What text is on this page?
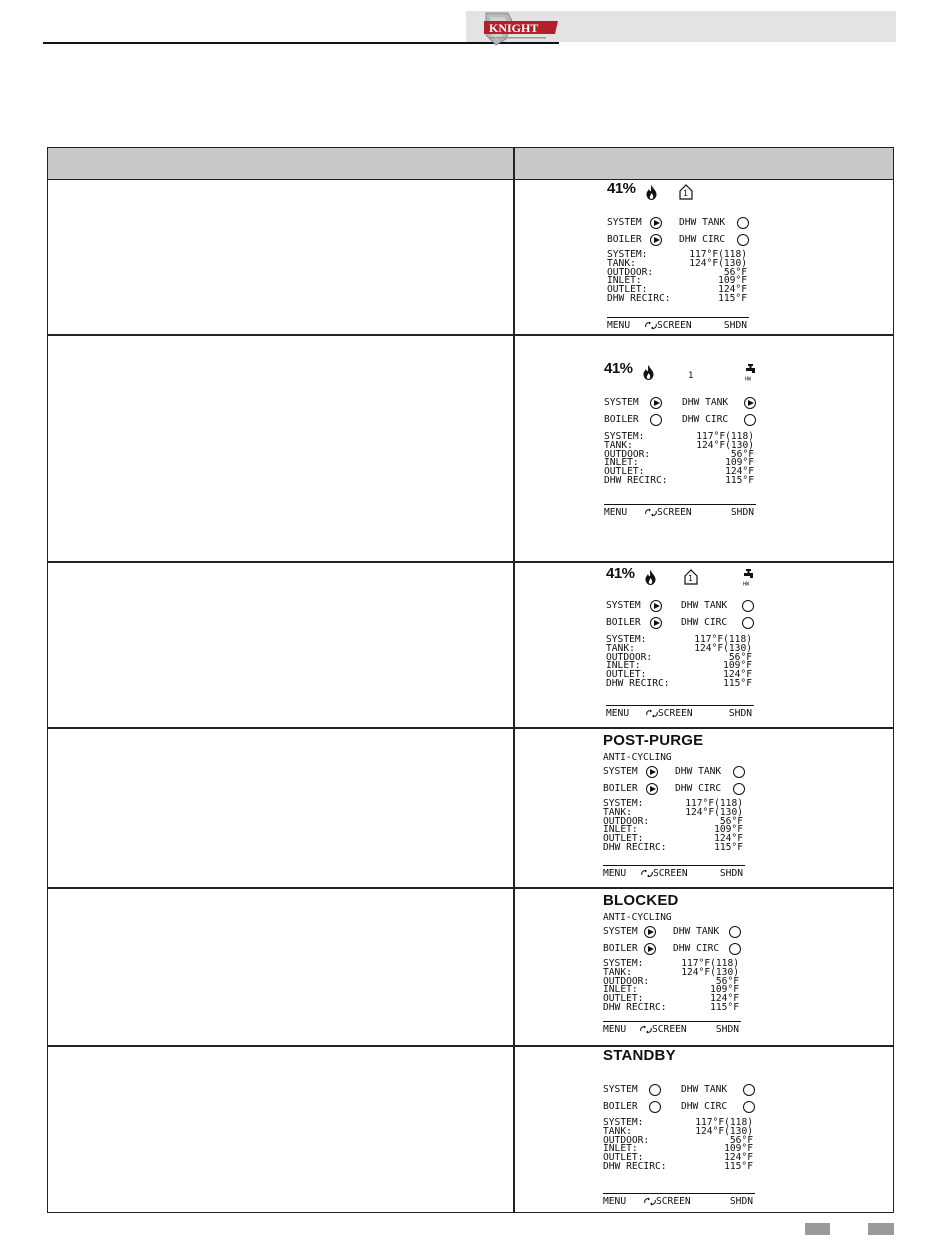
KNIGHT
41%	1
SYSTEM	DHW TANK
BOILER	DHW CIRC
SYSTEM:	117°F(118)
TANK:	124°F(130)
OUTDOOR:	56°F
INLET:	109°F
OUTLET:	124°F
DHW RECIRC:	115°F
MENU	SCREEN	SHDN
41%	1	HW
SYSTEM	DHW TANK
BOILER	DHW CIRC
SYSTEM:	117°F(118)
TANK:	124°F(130)
OUTDOOR:	56°F
INLET:	109°F
OUTLET:	124°F
DHW RECIRC:	115°F
MENU	SCREEN	SHDN
41%	1
HW
SYSTEM	DHW TANK
BOILER	DHW CIRC
SYSTEM:	117°F(118)
TANK:	124°F(130)
OUTDOOR:	56°F
INLET:	109°F
OUTLET:	124°F
DHW RECIRC:	115°F
MENU	SCREEN	SHDN
POST-PURGE
ANTI-CYCLING
SYSTEM	DHW TANK
BOILER	DHW CIRC
SYSTEM:	117°F(118)
TANK:	124°F(130)
OUTDOOR:	56°F
INLET:	109°F
OUTLET:	124°F
DHW RECIRC:	115°F
MENU	SCREEN	SHDN
BLOCKED
ANTI-CYCLING
SYSTEM	DHW TANK
BOILER	DHW CIRC
SYSTEM:	117°F(118)
TANK:	124°F(130)
OUTDOOR:	56°F
INLET:	109°F
OUTLET:	124°F
DHW RECIRC:	115°F
MENU	SCREEN	SHDN
STANDBY
SYSTEM	DHW TANK
BOILER	DHW CIRC
SYSTEM:	117°F(118)
TANK:	124°F(130)
OUTDOOR:	56°F
INLET:	109°F
OUTLET:	124°F
DHW RECIRC:	115°F
MENU	SCREEN	SHDN
